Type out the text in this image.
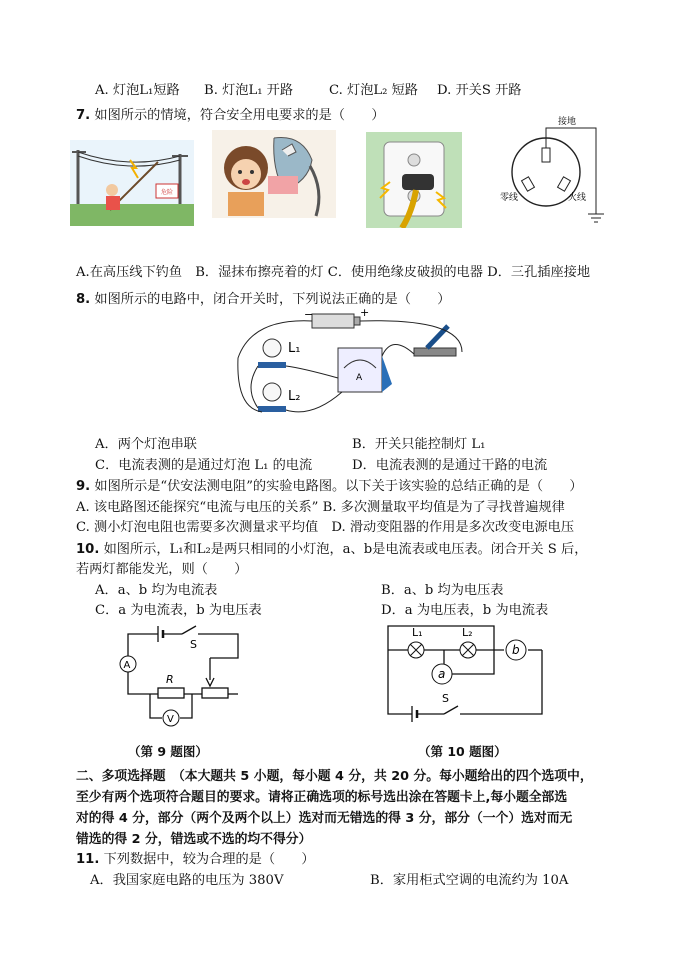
A. 灯泡L₁短路 B. 灯泡L₁ 开路	C. 灯泡L₂ 短路 D. 开关S 开路
7. 如图所示的情境，符合安全用电要求的是（　　）
危险
接地
零线	火线
A.在高压线下钓鱼　B．湿抹布擦亮着的灯 C．使用绝缘皮破损的电器 D．三孔插座接地
8. 如图所示的电路中，闭合开关时，下列说法正确的是（　　）
−	+
A
L₁
L₂
A．两个灯泡串联	B．开关只能控制灯 L₁
C．电流表测的是通过灯泡 L₁ 的电流	D．电流表测的是通过干路的电流
9. 如图所示是“伏安法测电阻”的实验电路图。以下关于该实验的总结正确的是（　　）
A. 该电路图还能探究“电流与电压的关系” B. 多次测量取平均值是为了寻找普遍规律
C. 测小灯泡电阻也需要多次测量求平均值　D. 滑动变阻器的作用是多次改变电源电压
10. 如图所示，L₁和L₂是两只相同的小灯泡，a、b是电流表或电压表。闭合开关 S 后，
若两灯都能发光，则（　　）
A．a、b 均为电流表	B．a、b 均为电压表
C．a 为电流表，b 为电压表	D．a 为电压表，b 为电流表
A
V
R
S
L₁	L₂
b
a
S
（第 9 题图）	（第 10 题图）
二、多项选择题　（本大题共 5 小题，每小题 4 分，共 20 分。每小题给出的四个选项中，
至少有两个选项符合题目的要求。请将正确选项的标号选出涂在答题卡上,每小题全部选
对的得 4 分，部分（两个及两个以上）选对而无错选的得 3 分，部分（一个）选对而无
错选的得 2 分，错选或不选的均不得分）
11. 下列数据中，较为合理的是（　　）
A．我国家庭电路的电压为 380V	B．家用柜式空调的电流约为 10A
